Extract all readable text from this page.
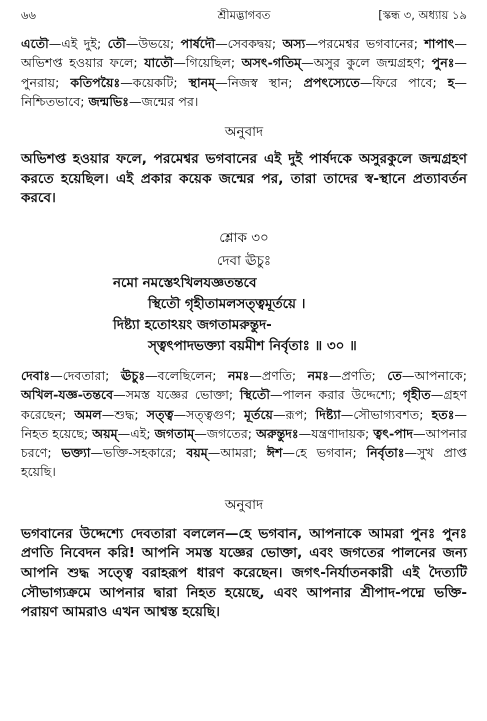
৬৬	শ্রীমদ্ভাগবত	[স্কন্ধ ৩, অধ্যায় ১৯

এতৌ—এই দুই; তৌ—উভয়ে; পার্ষদৌ—সেবকদ্বয়; অস্য—পরমেশ্বর ভগবানের; শাপাৎ—অভিশপ্ত হওয়ার ফলে; যাতৌ—গিয়েছিল; অসৎ-গতিম্—অসুর কুলে জন্মগ্রহণ; পুনঃ—পুনরায়; কতিপয়ৈঃ—কয়েকটি; স্থানম্—নিজস্ব স্থান; প্রপৎস্যেতে—ফিরে পাবে; হ—নিশ্চিতভাবে; জন্মভিঃ—জন্মের পর।

অনুবাদ

অভিশপ্ত হওয়ার ফলে, পরমেশ্বর ভগবানের এই দুই পার্ষদকে অসুরকুলে জন্মগ্রহণ করতে হয়েছিল। এই প্রকার কয়েক জন্মের পর, তারা তাদের স্ব-স্থানে প্রত্যাবর্তন করবে।

শ্লোক ৩০

দেবা ঊচুঃ

নমো নমস্তেঽখিলযজ্ঞতন্তবে
স্থিতৌ গৃহীতামলসত্ত্বমূর্তয়ে ।
দিষ্ট্যা হতোঽয়ং জগতামরুন্তুদ-
স্ত্বৎপাদভক্ত্যা বয়মীশ নির্বৃতাঃ ॥ ৩০ ॥

দেবাঃ—দেবতারা; ঊচুঃ—বলেছিলেন; নমঃ—প্রণতি; নমঃ—প্রণতি; তে—আপনাকে; অখিল-যজ্ঞ-তন্তবে—সমস্ত যজ্ঞের ভোক্তা; স্থিতৌ—পালন করার উদ্দেশ্যে; গৃহীত—গ্রহণ করেছেন; অমল—শুদ্ধ; সত্ত্ব—সত্ত্বগুণ; মূর্তয়ে—রূপ; দিষ্ট্যা—সৌভাগ্যবশত; হতঃ—নিহত হয়েছে; অয়ম্—এই; জগতাম্—জগতের; অরুন্তুদঃ—যন্ত্রণাদায়ক; ত্বৎ-পাদ—আপনার চরণে; ভক্ত্যা—ভক্তি-সহকারে; বয়ম্—আমরা; ঈশ—হে ভগবান; নির্বৃতাঃ—সুখ প্রাপ্ত হয়েছি।

অনুবাদ

ভগবানের উদ্দেশ্যে দেবতারা বললেন—হে ভগবান, আপনাকে আমরা পুনঃ পুনঃ প্রণতি নিবেদন করি! আপনি সমস্ত যজ্ঞের ভোক্তা, এবং জগতের পালনের জন্য আপনি শুদ্ধ সত্ত্বে বরাহরূপ ধারণ করেছেন। জগৎ-নির্যাতনকারী এই দৈত্যটি সৌভাগ্যক্রমে আপনার দ্বারা নিহত হয়েছে, এবং আপনার শ্রীপাদ-পদ্মে ভক্তি-পরায়ণ আমরাও এখন আশ্বস্ত হয়েছি।
